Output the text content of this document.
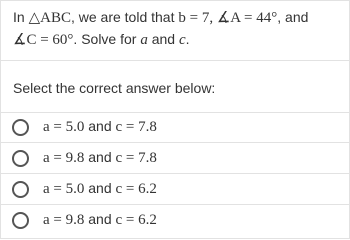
In △ABC, we are told that b = 7, ∡A = 44°, and
∡C = 60°. Solve for a and c.
Select the correct answer below:
a = 5.0 and c = 7.8
a = 9.8 and c = 7.8
a = 5.0 and c = 6.2
a = 9.8 and c = 6.2
